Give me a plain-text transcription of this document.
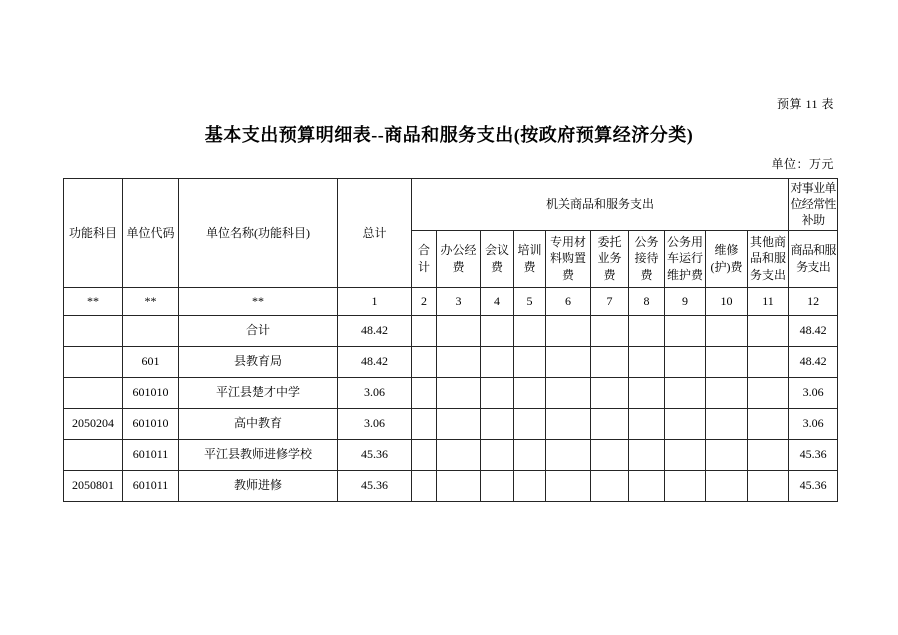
预算 11 表
基本支出预算明细表--商品和服务支出(按政府预算经济分类)
单位：万元
功能科目	单位代码	单位名称(功能科目)	总计	机关商品和服务支出										对事业单位经常性补助
				合计	办公经费	会议费	培训费	专用材料购置费	委托业务费	公务接待费	公务用车运行维护费	维修(护)费	其他商品和服务支出	商品和服务支出
**	**	**	1	2	3	4	5	6	7	8	9	10	11	12
		合计	48.42											48.42
	601	县教育局	48.42											48.42
	601010	平江县楚才中学	3.06											3.06
2050204	601010	高中教育	3.06											3.06
	601011	平江县教师进修学校	45.36											45.36
2050801	601011	教师进修	45.36											45.36
